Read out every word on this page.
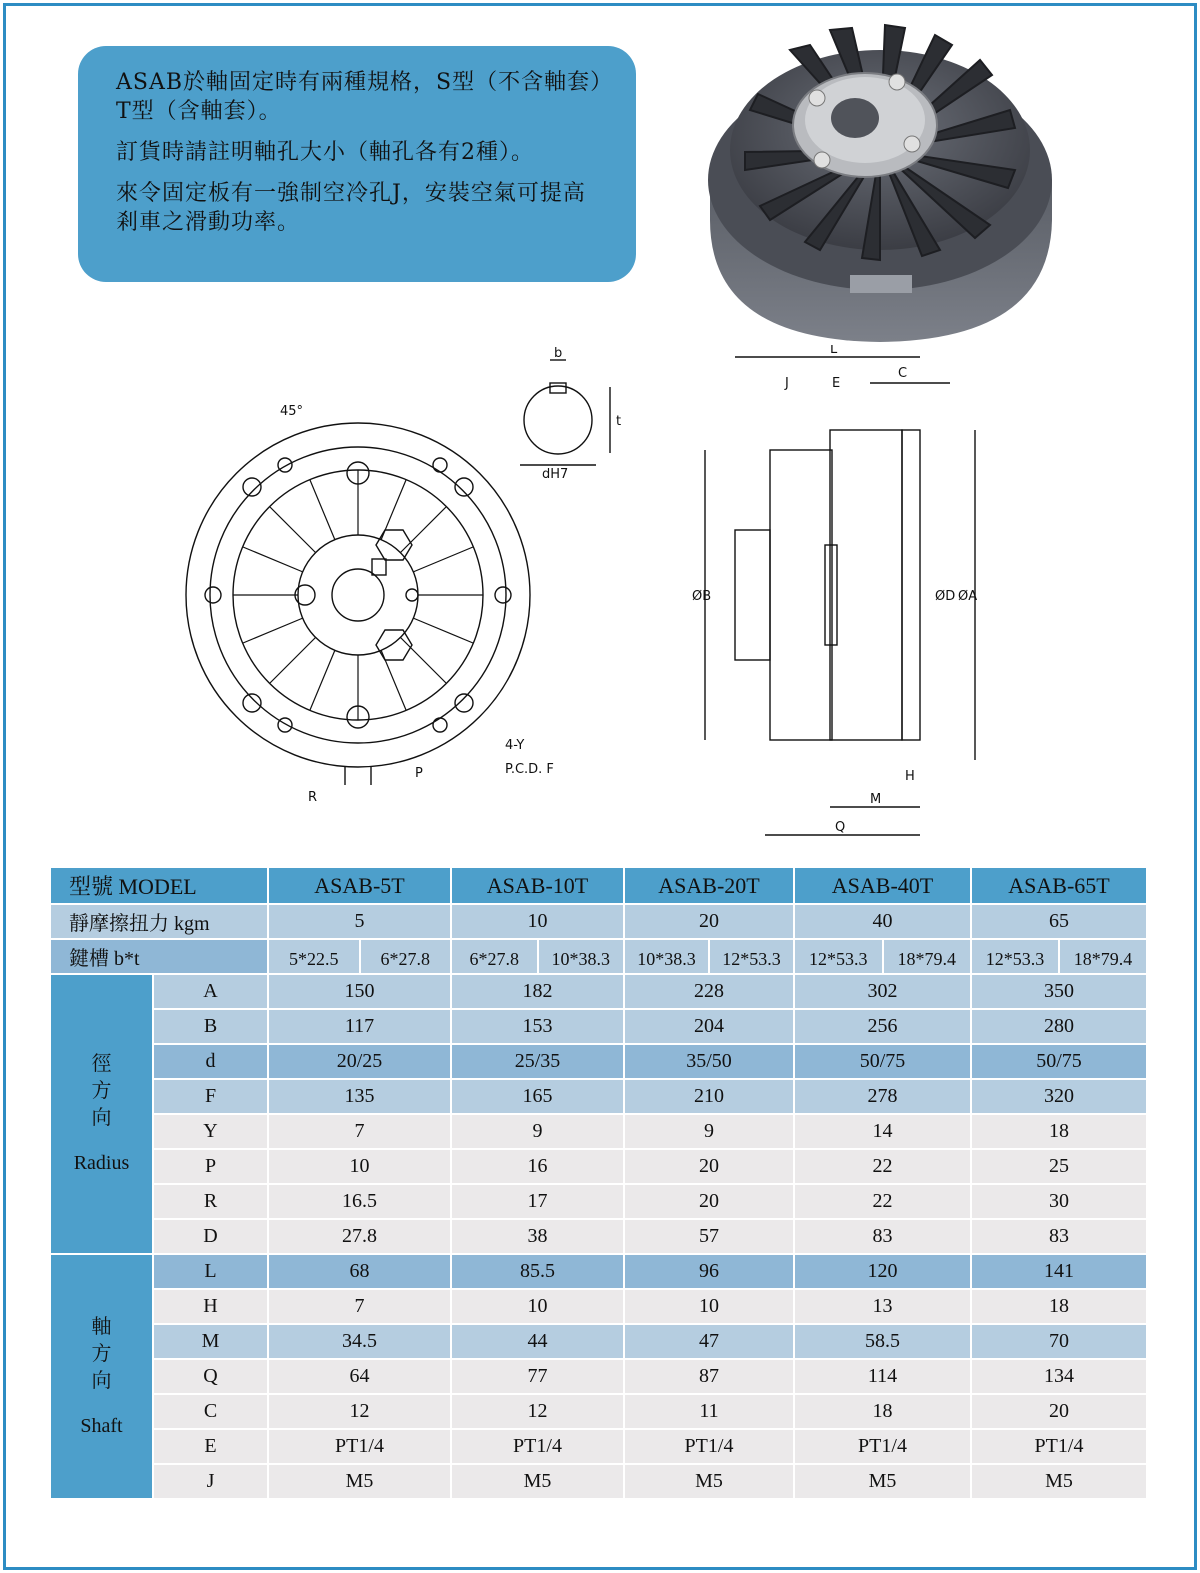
ASAB於軸固定時有兩種規格，S型（不含軸套）T型（含軸套）。

訂貨時請註明軸孔大小（軸孔各有2種）。

來令固定板有一強制空冷孔J，安裝空氣可提高剎車之滑動功率。

45°
b
t
dH7
4-Y
P.C.D. F
P
R
L
J	E
C
ØB	ØD ØA
H
M
Q
型號 MODEL		ASAB-5T	ASAB-10T	ASAB-20T	ASAB-40T	ASAB-65T
靜摩擦扭力 kgm		5	10	20	40	65
鍵槽 b*t		5*22.5 6*27.8	6*27.8 10*38.3	10*38.3 12*53.3	12*53.3 18*79.4	12*53.3 18*79.4

徑
方
向
Radius	A	150	182	228	302	350
	B	117	153	204	256	280
	d	20/25	25/35	35/50	50/75	50/75
	F	135	165	210	278	320
	Y	7	9	9	14	18
	P	10	16	20	22	25
	R	16.5	17	20	22	30
	D	27.8	38	57	83	83

軸
方
向
Shaft	L	68	85.5	96	120	141
	H	7	10	10	13	18
	M	34.5	44	47	58.5	70
	Q	64	77	87	114	134
	C	12	12	11	18	20
	E	PT1/4	PT1/4	PT1/4	PT1/4	PT1/4
	J	M5	M5	M5	M5	M5
